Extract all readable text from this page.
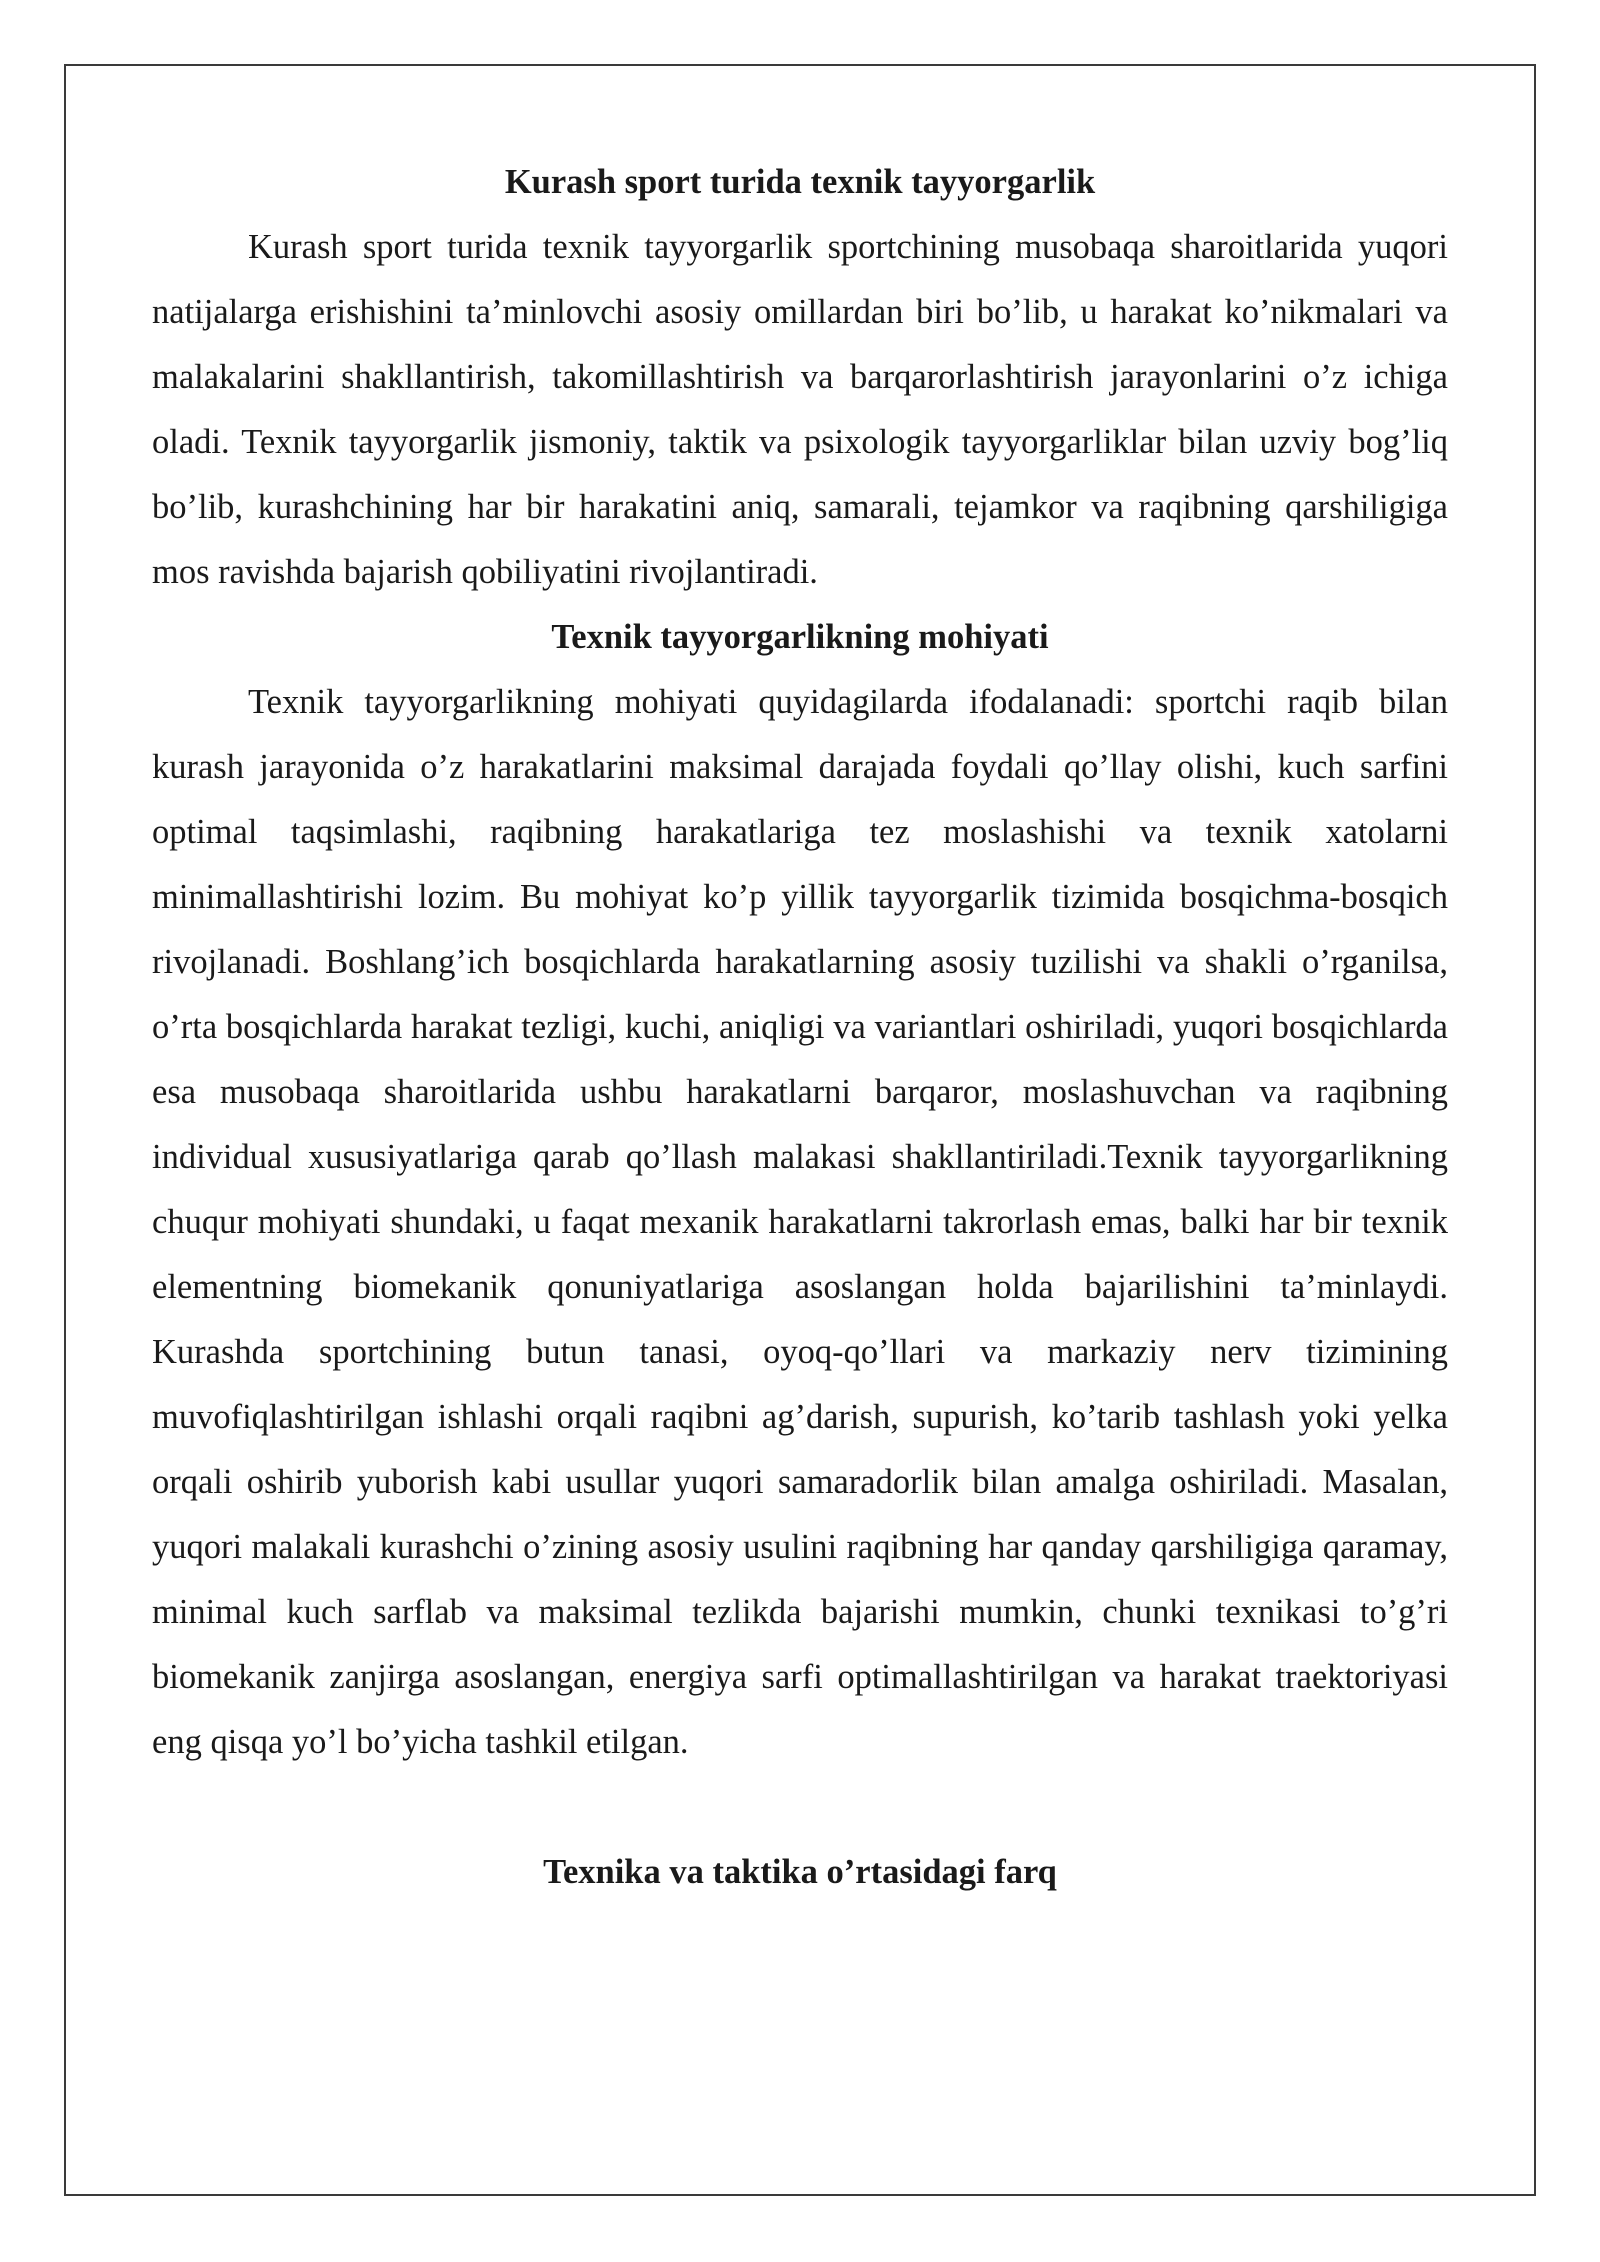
Kurash sport turida texnik tayyorgarlik

Kurash sport turida texnik tayyorgarlik sportchining musobaqa sharoitlarida yuqori natijalarga erishishini ta’minlovchi asosiy omillardan biri bo’lib, u harakat ko’nikmalari va malakalarini shakllantirish, takomillashtirish va barqarorlashtirish jarayonlarini o’z ichiga oladi. Texnik tayyorgarlik jismoniy, taktik va psixologik tayyorgarliklar bilan uzviy bog’liq bo’lib, kurashchining har bir harakatini aniq, samarali, tejamkor va raqibning qarshiligiga mos ravishda bajarish qobiliyatini rivojlantiradi.

Texnik tayyorgarlikning mohiyati

Texnik tayyorgarlikning mohiyati quyidagilarda ifodalanadi: sportchi raqib bilan kurash jarayonida o’z harakatlarini maksimal darajada foydali qo’llay olishi, kuch sarfini optimal taqsimlashi, raqibning harakatlariga tez moslashishi va texnik xatolarni minimallashtirishi lozim. Bu mohiyat ko’p yillik tayyorgarlik tizimida bosqichma-bosqich rivojlanadi. Boshlang’ich bosqichlarda harakatlarning asosiy tuzilishi va shakli o’rganilsa, o’rta bosqichlarda harakat tezligi, kuchi, aniqligi va variantlari oshiriladi, yuqori bosqichlarda esa musobaqa sharoitlarida ushbu harakatlarni barqaror, moslashuvchan va raqibning individual xususiyatlariga qarab qo’llash malakasi shakllantiriladi.Texnik tayyorgarlikning chuqur mohiyati shundaki, u faqat mexanik harakatlarni takrorlash emas, balki har bir texnik elementning biomekanik qonuniyatlariga asoslangan holda bajarilishini ta’minlaydi. Kurashda sportchining butun tanasi, oyoq-qo’llari va markaziy nerv tizimining muvofiqlashtirilgan ishlashi orqali raqibni ag’darish, supurish, ko’tarib tashlash yoki yelka orqali oshirib yuborish kabi usullar yuqori samaradorlik bilan amalga oshiriladi. Masalan, yuqori malakali kurashchi o’zining asosiy usulini raqibning har qanday qarshiligiga qaramay, minimal kuch sarflab va maksimal tezlikda bajarishi mumkin, chunki texnikasi to’g’ri biomekanik zanjirga asoslangan, energiya sarfi optimallashtirilgan va harakat traektoriyasi eng qisqa yo’l bo’yicha tashkil etilgan.

Texnika va taktika o’rtasidagi farq
